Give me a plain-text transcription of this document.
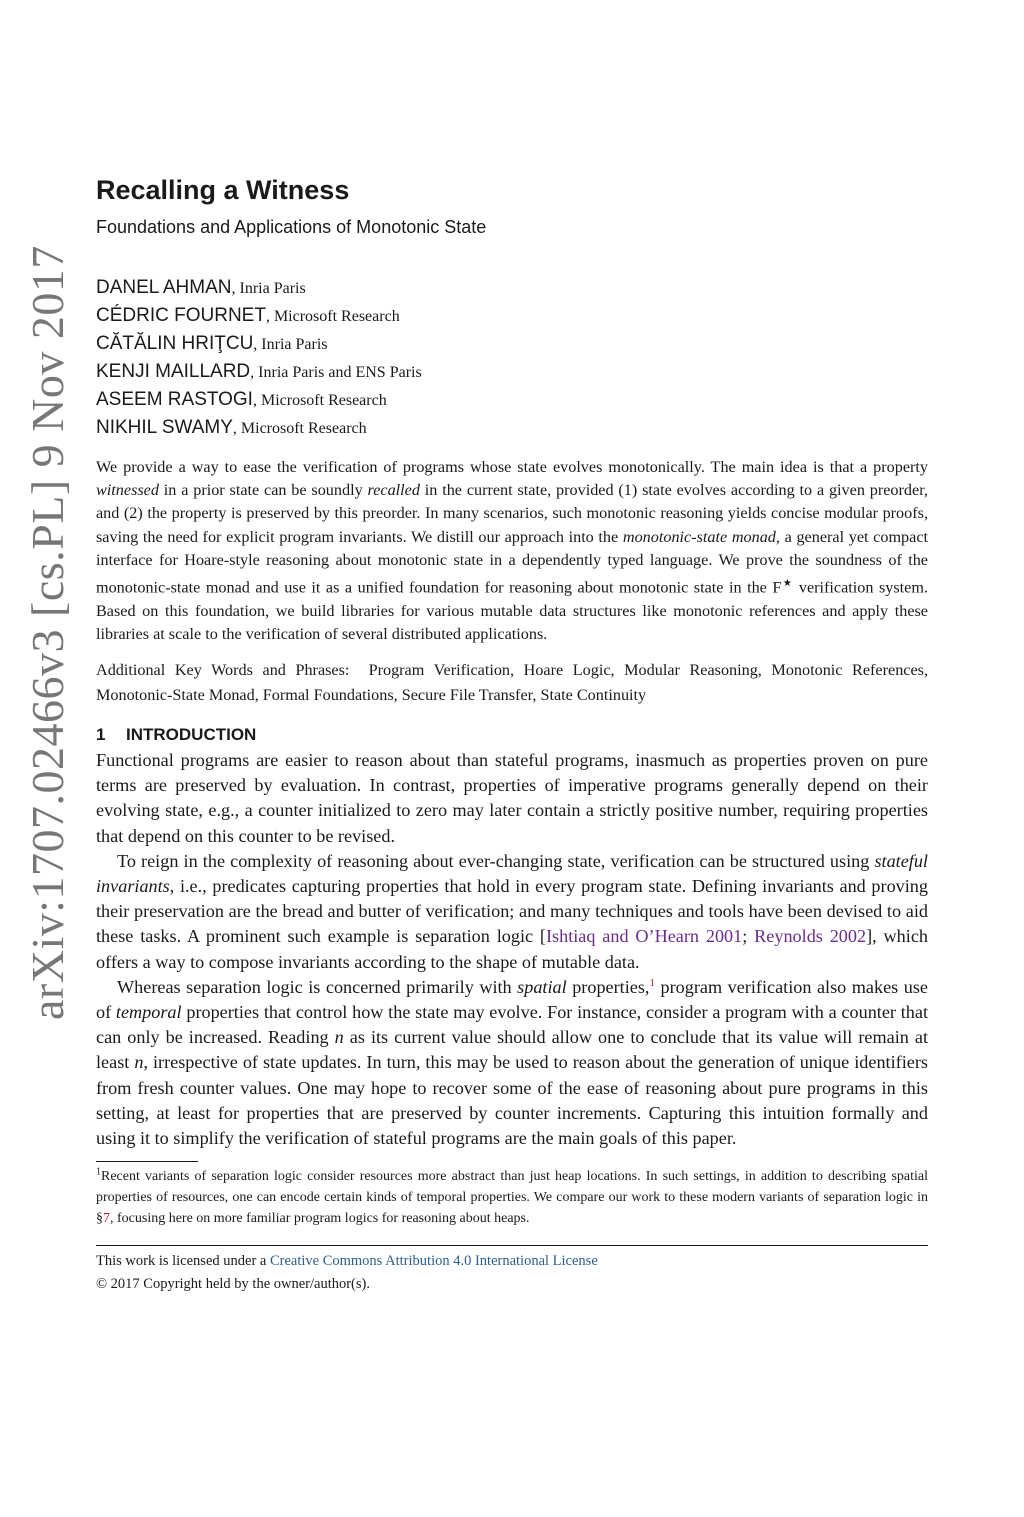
arXiv:1707.02466v3 [cs.PL] 9 Nov 2017
Recalling a Witness
Foundations and Applications of Monotonic State
DANEL AHMAN, Inria Paris
CÉDRIC FOURNET, Microsoft Research
CĂTĂLIN HRIŢCU, Inria Paris
KENJI MAILLARD, Inria Paris and ENS Paris
ASEEM RASTOGI, Microsoft Research
NIKHIL SWAMY, Microsoft Research
We provide a way to ease the verification of programs whose state evolves monotonically. The main idea is that a property witnessed in a prior state can be soundly recalled in the current state, provided (1) state evolves according to a given preorder, and (2) the property is preserved by this preorder. In many scenarios, such monotonic reasoning yields concise modular proofs, saving the need for explicit program invariants. We distill our approach into the monotonic-state monad, a general yet compact interface for Hoare-style reasoning about monotonic state in a dependently typed language. We prove the soundness of the monotonic-state monad and use it as a unified foundation for reasoning about monotonic state in the F★ verification system. Based on this foundation, we build libraries for various mutable data structures like monotonic references and apply these libraries at scale to the verification of several distributed applications.
Additional Key Words and Phrases: Program Verification, Hoare Logic, Modular Reasoning, Monotonic References, Monotonic-State Monad, Formal Foundations, Secure File Transfer, State Continuity
1 INTRODUCTION

Functional programs are easier to reason about than stateful programs, inasmuch as properties proven on pure terms are preserved by evaluation. In contrast, properties of imperative programs generally depend on their evolving state, e.g., a counter initialized to zero may later contain a strictly positive number, requiring properties that depend on this counter to be revised.

To reign in the complexity of reasoning about ever-changing state, verification can be structured using stateful invariants, i.e., predicates capturing properties that hold in every program state. Defining invariants and proving their preservation are the bread and butter of verification; and many techniques and tools have been devised to aid these tasks. A prominent such example is separation logic [Ishtiaq and O’Hearn 2001; Reynolds 2002], which offers a way to compose invariants according to the shape of mutable data.

Whereas separation logic is concerned primarily with spatial properties,$^1$ program verification also makes use of temporal properties that control how the state may evolve. For instance, consider a program with a counter that can only be increased. Reading n as its current value should allow one to conclude that its value will remain at least n, irrespective of state updates. In turn, this may be used to reason about the generation of unique identifiers from fresh counter values. One may hope to recover some of the ease of reasoning about pure programs in this setting, at least for properties that are preserved by counter increments. Capturing this intuition formally and using it to simplify the verification of stateful programs are the main goals of this paper.

$^1$Recent variants of separation logic consider resources more abstract than just heap locations. In such settings, in addition to describing spatial properties of resources, one can encode certain kinds of temporal properties. We compare our work to these modern variants of separation logic in §7, focusing here on more familiar program logics for reasoning about heaps.
This work is licensed under a Creative Commons Attribution 4.0 International License
© 2017 Copyright held by the owner/author(s).
